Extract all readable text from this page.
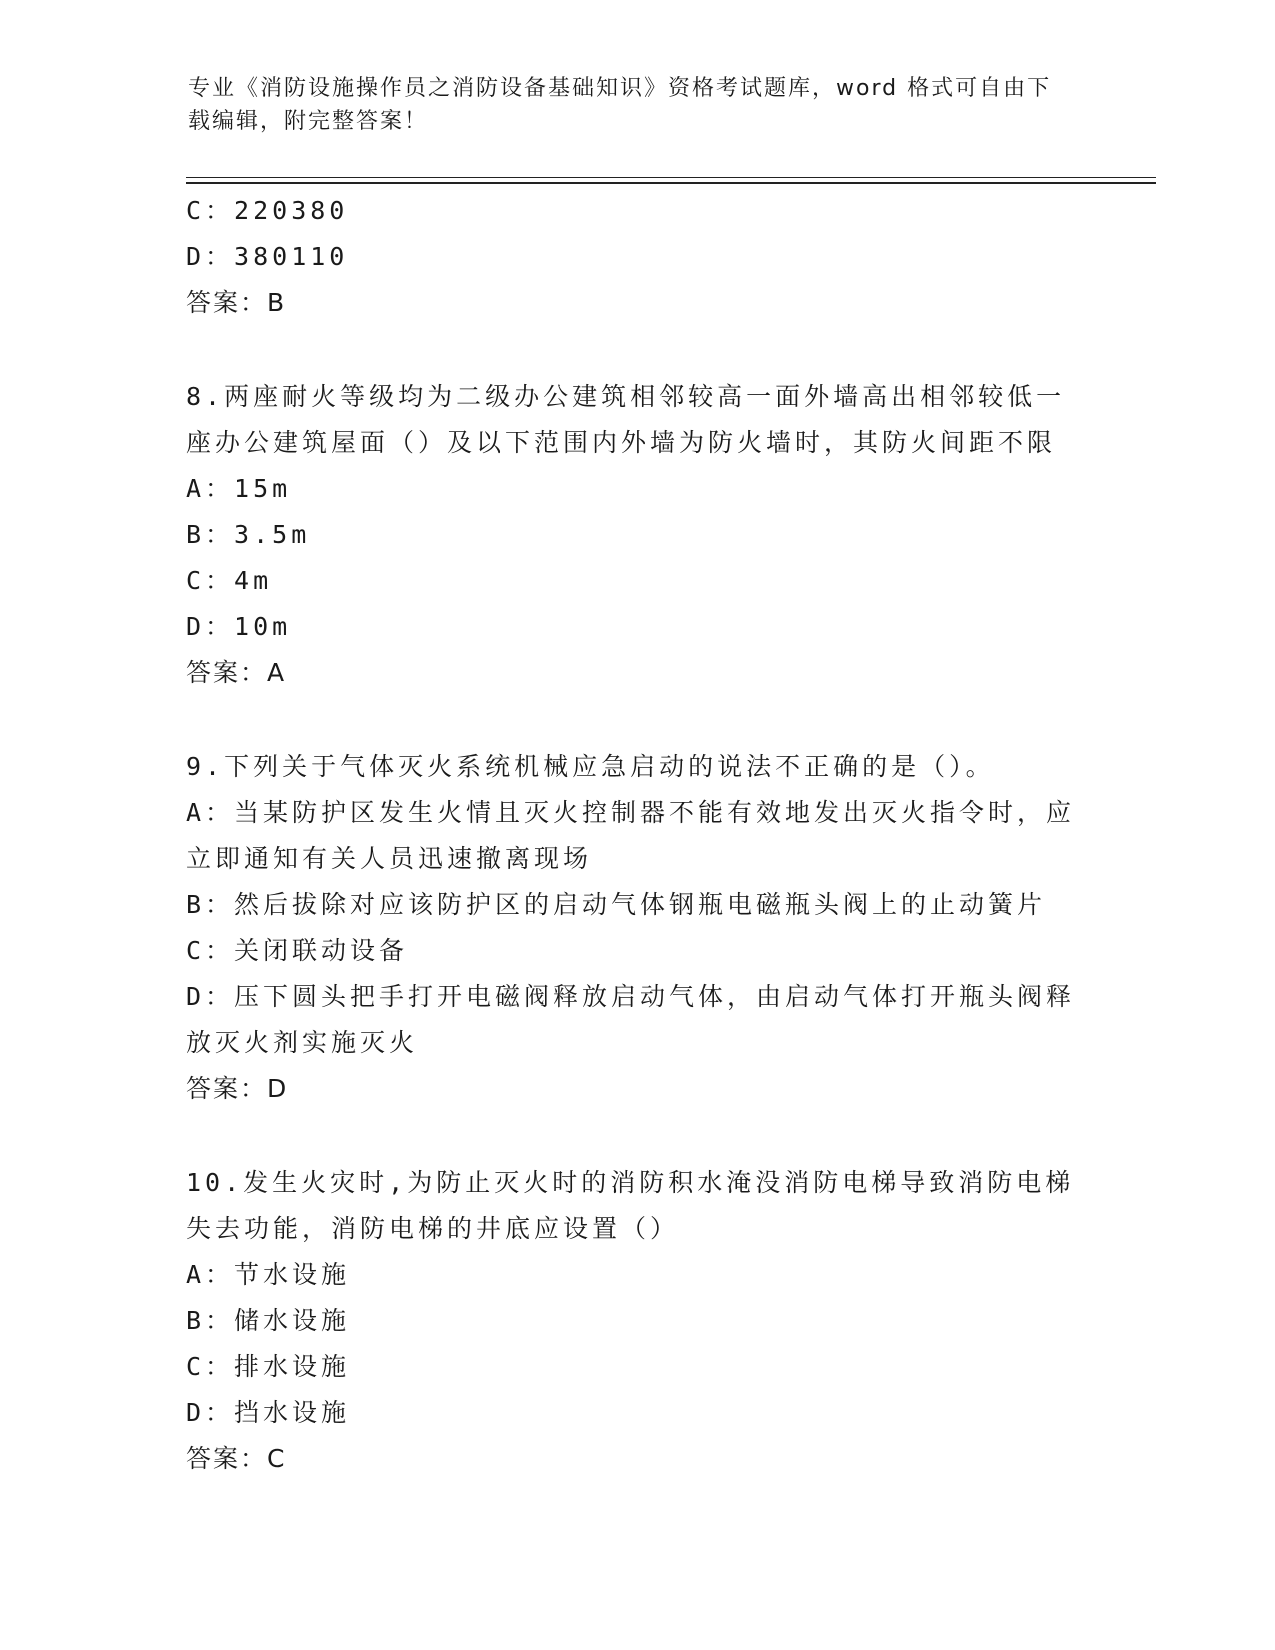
专业《消防设施操作员之消防设备基础知识》资格考试题库，word 格式可自由下载编辑，附完整答案！
C：220380
D：380110
答案：B
8.两座耐火等级均为二级办公建筑相邻较高一面外墙高出相邻较低一座办公建筑屋面（）及以下范围内外墙为防火墙时，其防火间距不限
A：15m
B：3.5m
C：4m
D：10m
答案：A
9.下列关于气体灭火系统机械应急启动的说法不正确的是（）。
A：当某防护区发生火情且灭火控制器不能有效地发出灭火指令时，应立即通知有关人员迅速撤离现场
B：然后拔除对应该防护区的启动气体钢瓶电磁瓶头阀上的止动簧片
C：关闭联动设备
D：压下圆头把手打开电磁阀释放启动气体，由启动气体打开瓶头阀释放灭火剂实施灭火
答案：D
10.发生火灾时,为防止灭火时的消防积水淹没消防电梯导致消防电梯失去功能，消防电梯的井底应设置（）
A：节水设施
B：储水设施
C：排水设施
D：挡水设施
答案：C
